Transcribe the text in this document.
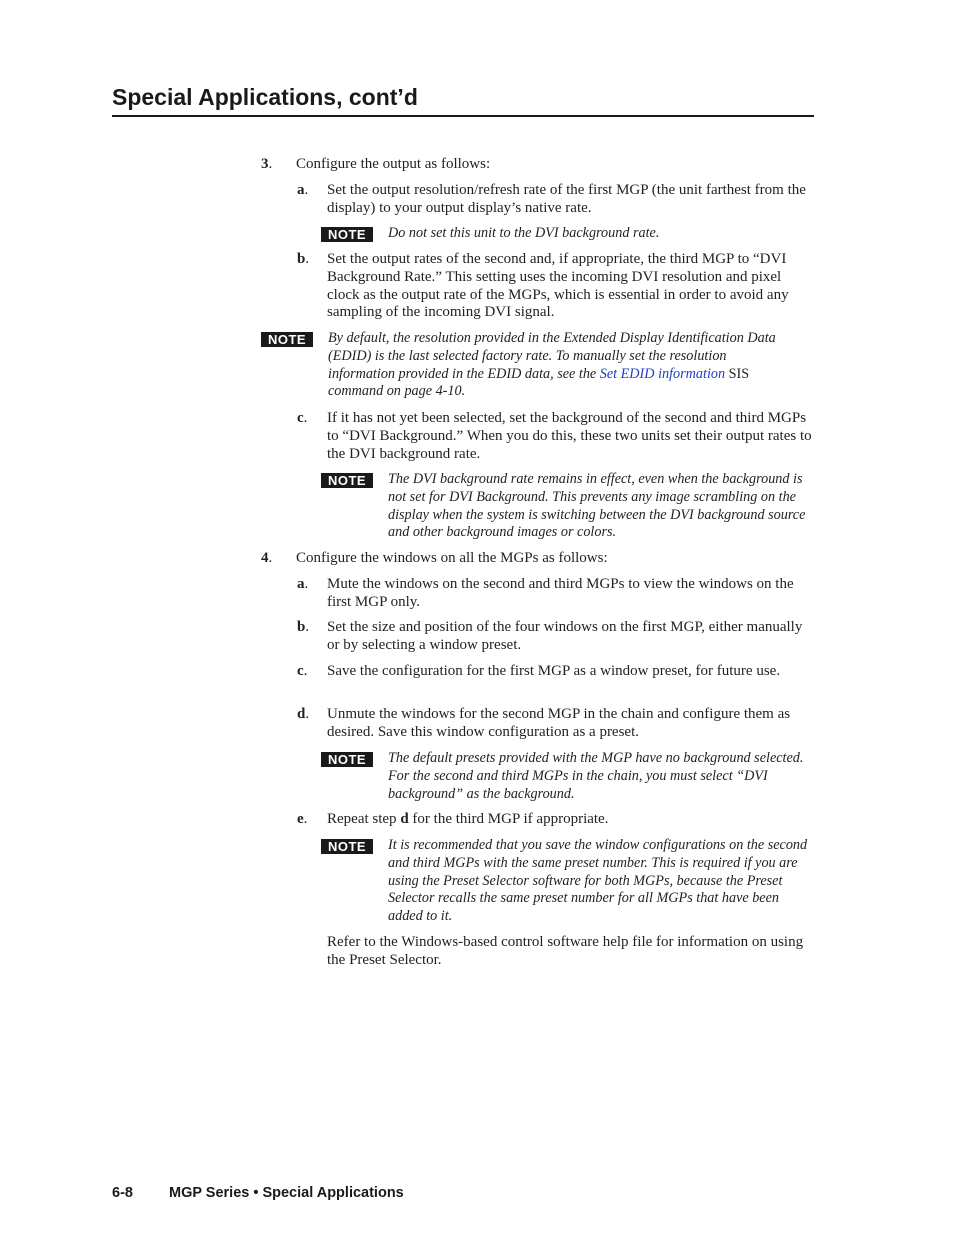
Special Applications, cont’d
3. Configure the output as follows:
a. Set the output resolution/refresh rate of the first MGP (the unit farthest from the display) to your output display’s native rate.
NOTE	Do not set this unit to the DVI background rate.
b. Set the output rates of the second and, if appropriate, the third MGP to “DVI Background Rate.” This setting uses the incoming DVI resolution and pixel clock as the output rate of the MGPs, which is essential in order to avoid any sampling of the incoming DVI signal.
NOTE	By default, the resolution provided in the Extended Display Identification Data (EDID) is the last selected factory rate. To manually set the resolution information provided in the EDID data, see the Set EDID information SIS command on page 4-10.
c. If it has not yet been selected, set the background of the second and third MGPs to “DVI Background.” When you do this, these two units set their output rates to the DVI background rate.
NOTE	The DVI background rate remains in effect, even when the background is not set for DVI Background. This prevents any image scrambling on the display when the system is switching between the DVI background source and other background images or colors.
4. Configure the windows on all the MGPs as follows:
a. Mute the windows on the second and third MGPs to view the windows on the first MGP only.
b. Set the size and position of the four windows on the first MGP, either manually or by selecting a window preset.
c. Save the configuration for the first MGP as a window preset, for future use.
d. Unmute the windows for the second MGP in the chain and configure them as desired. Save this window configuration as a preset.
NOTE	The default presets provided with the MGP have no background selected. For the second and third MGPs in the chain, you must select “DVI background” as the background.
e. Repeat step d for the third MGP if appropriate.
NOTE	It is recommended that you save the window configurations on the second and third MGPs with the same preset number. This is required if you are using the Preset Selector software for both MGPs, because the Preset Selector recalls the same preset number for all MGPs that have been added to it.
Refer to the Windows-based control software help file for information on using the Preset Selector.
6-8 MGP Series • Special Applications
